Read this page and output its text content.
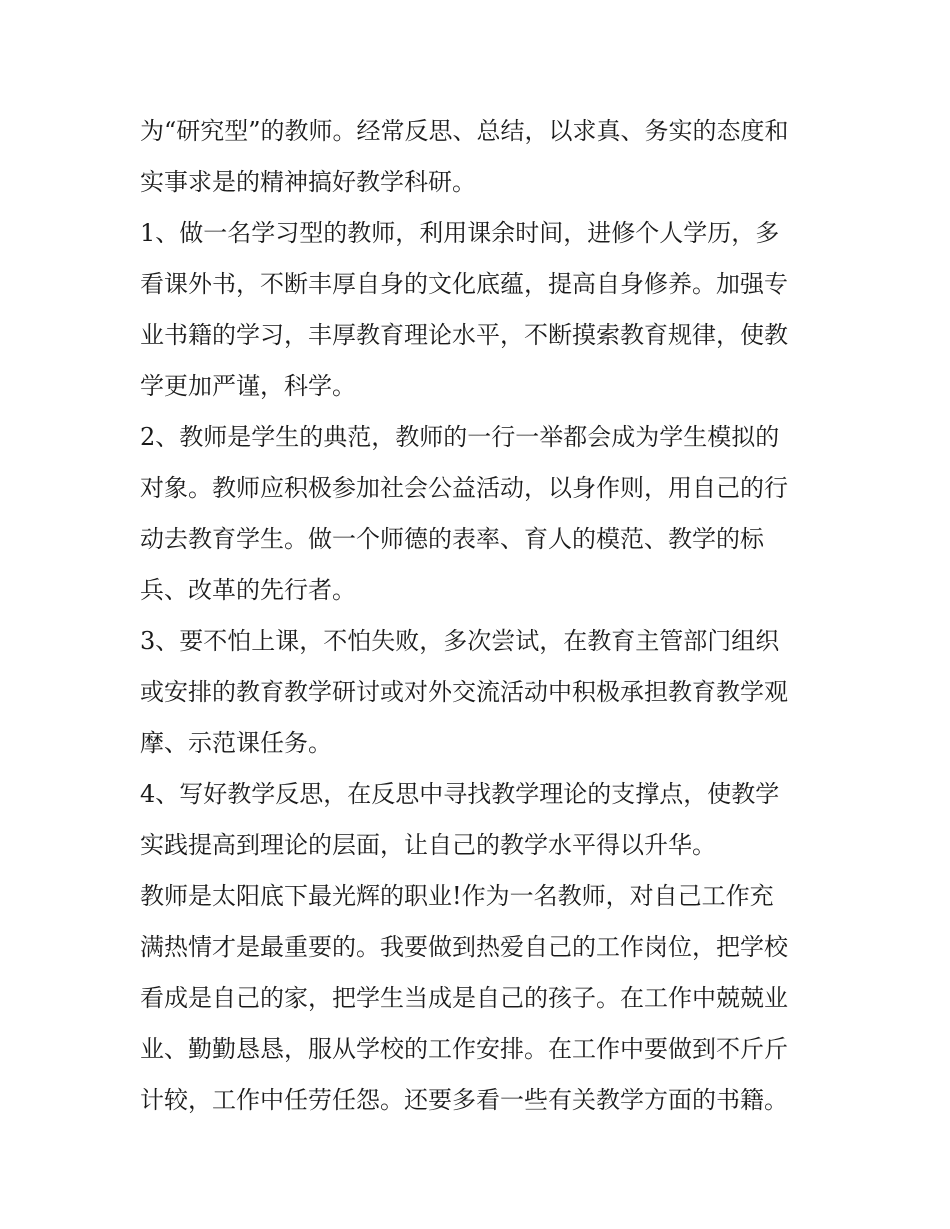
为“研究型”的教师。经常反思、总结，以求真、务实的态度和
实事求是的精神搞好教学科研。
1、做一名学习型的教师，利用课余时间，进修个人学历，多
看课外书，不断丰厚自身的文化底蕴，提高自身修养。加强专
业书籍的学习，丰厚教育理论水平，不断摸索教育规律，使教
学更加严谨，科学。
2、教师是学生的典范，教师的一行一举都会成为学生模拟的
对象。教师应积极参加社会公益活动，以身作则，用自己的行
动去教育学生。做一个师德的表率、育人的模范、教学的标
兵、改革的先行者。
3、要不怕上课，不怕失败，多次尝试，在教育主管部门组织
或安排的教育教学研讨或对外交流活动中积极承担教育教学观
摩、示范课任务。
4、写好教学反思，在反思中寻找教学理论的支撑点，使教学
实践提高到理论的层面，让自己的教学水平得以升华。
教师是太阳底下最光辉的职业!作为一名教师，对自己工作充
满热情才是最重要的。我要做到热爱自己的工作岗位，把学校
看成是自己的家，把学生当成是自己的孩子。在工作中兢兢业
业、勤勤恳恳，服从学校的工作安排。在工作中要做到不斤斤
计较，工作中任劳任怨。还要多看一些有关教学方面的书籍。
